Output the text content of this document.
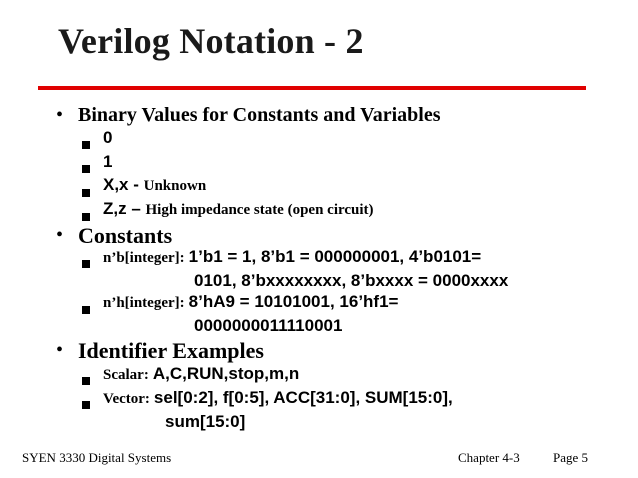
Verilog Notation - 2
• Binary Values for Constants and Variables
0
1
X,x - Unknown
Z,z – High impedance state (open circuit)
• Constants
n’b[integer]: 1’b1 = 1, 8’b1 = 000000001, 4’b0101=
0101, 8’bxxxxxxxx, 8’bxxxx = 0000xxxx
n’h[integer]: 8’hA9 = 10101001, 16’hf1=
0000000011110001
• Identifier Examples
Scalar: A,C,RUN,stop,m,n
Vector: sel[0:2], f[0:5], ACC[31:0], SUM[15:0],
sum[15:0]
SYEN 3330 Digital Systems	Chapter 4-3	Page 5
